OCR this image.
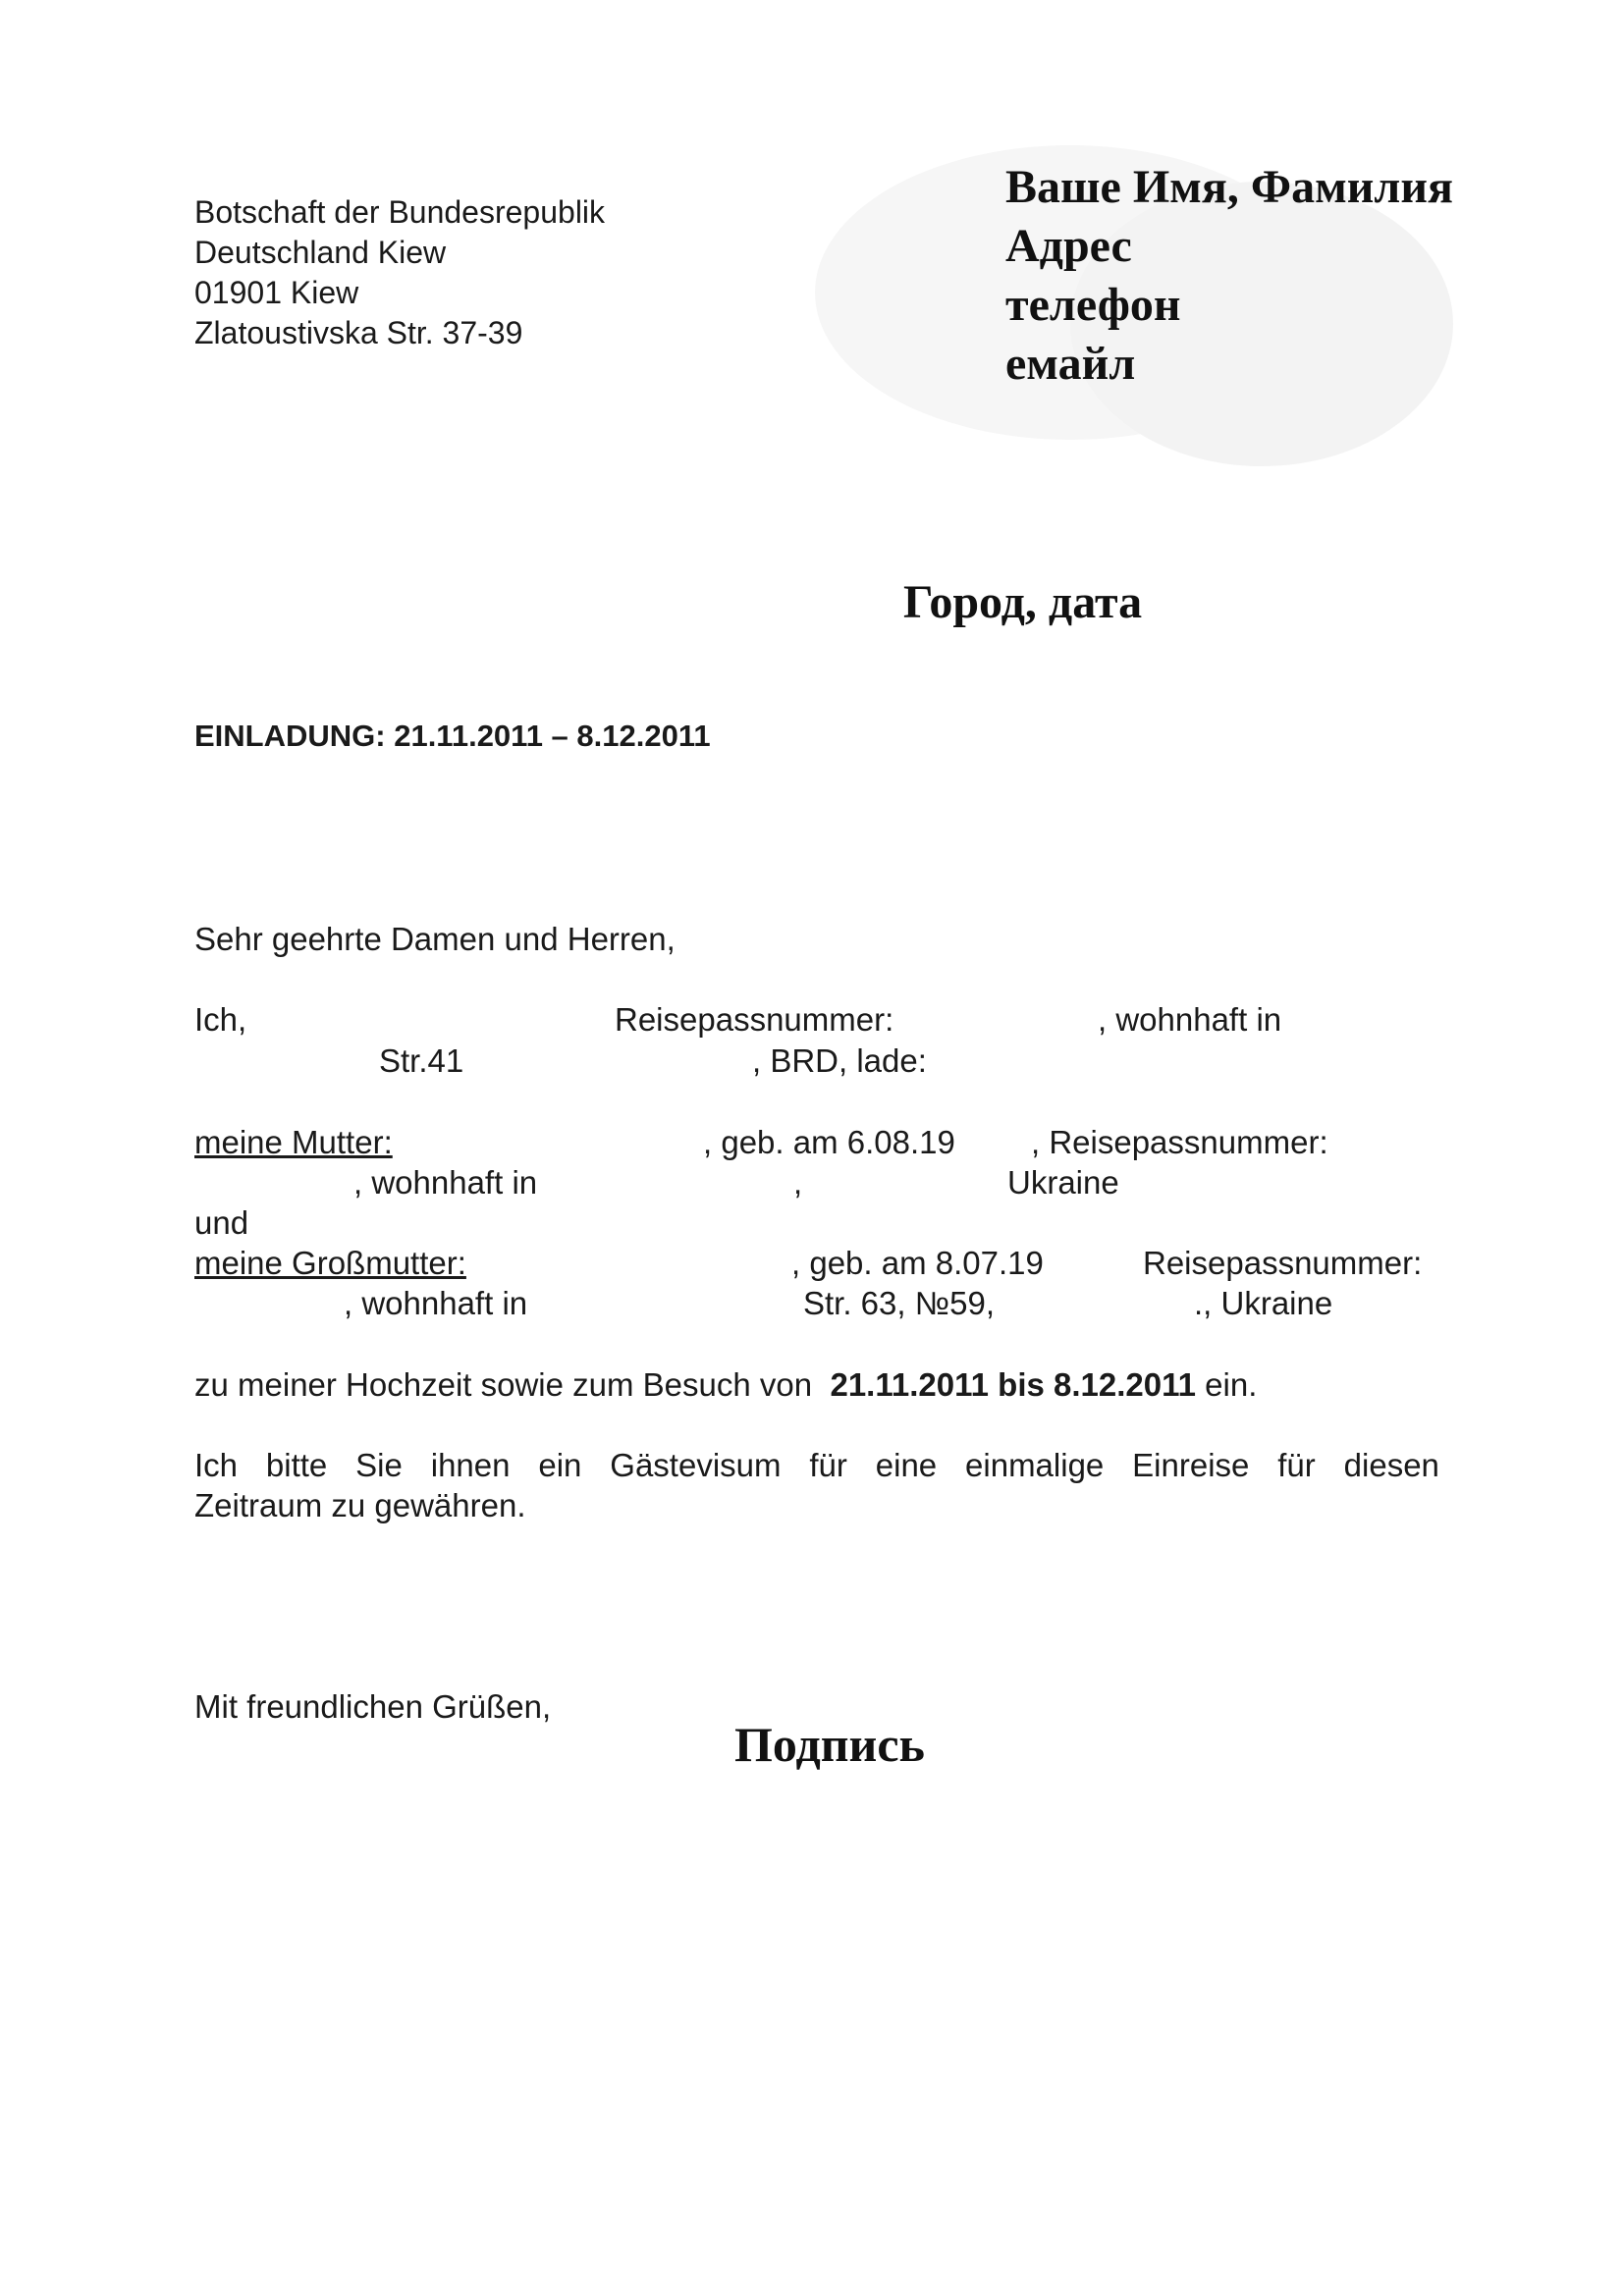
Botschaft der Bundesrepublik
Deutschland Kiew
01901 Kiew
Zlatoustivska Str. 37-39
Ваше Имя, Фамилия
Адрес
телефон
емайл
Город, дата
EINLADUNG: 21.11.2011 – 8.12.2011
Sehr geehrte Damen und Herren,
Ich,	Reisepassnummer:	, wohnhaft in
Str.41	, BRD, lade:
meine Mutter:	, geb. am 6.08.19 , Reisepassnummer:
, wohnhaft in	,	Ukraine
und
meine Großmutter:	, geb. am 8.07.19	Reisepassnummer:
, wohnhaft in	Str. 63, №59,	., Ukraine
zu meiner Hochzeit sowie zum Besuch von 21.11.2011 bis 8.12.2011 ein.
Ich bitte Sie ihnen ein Gästevisum für eine einmalige Einreise für diesen
Zeitraum zu gewähren.
Mit freundlichen Grüßen,
Подпись
